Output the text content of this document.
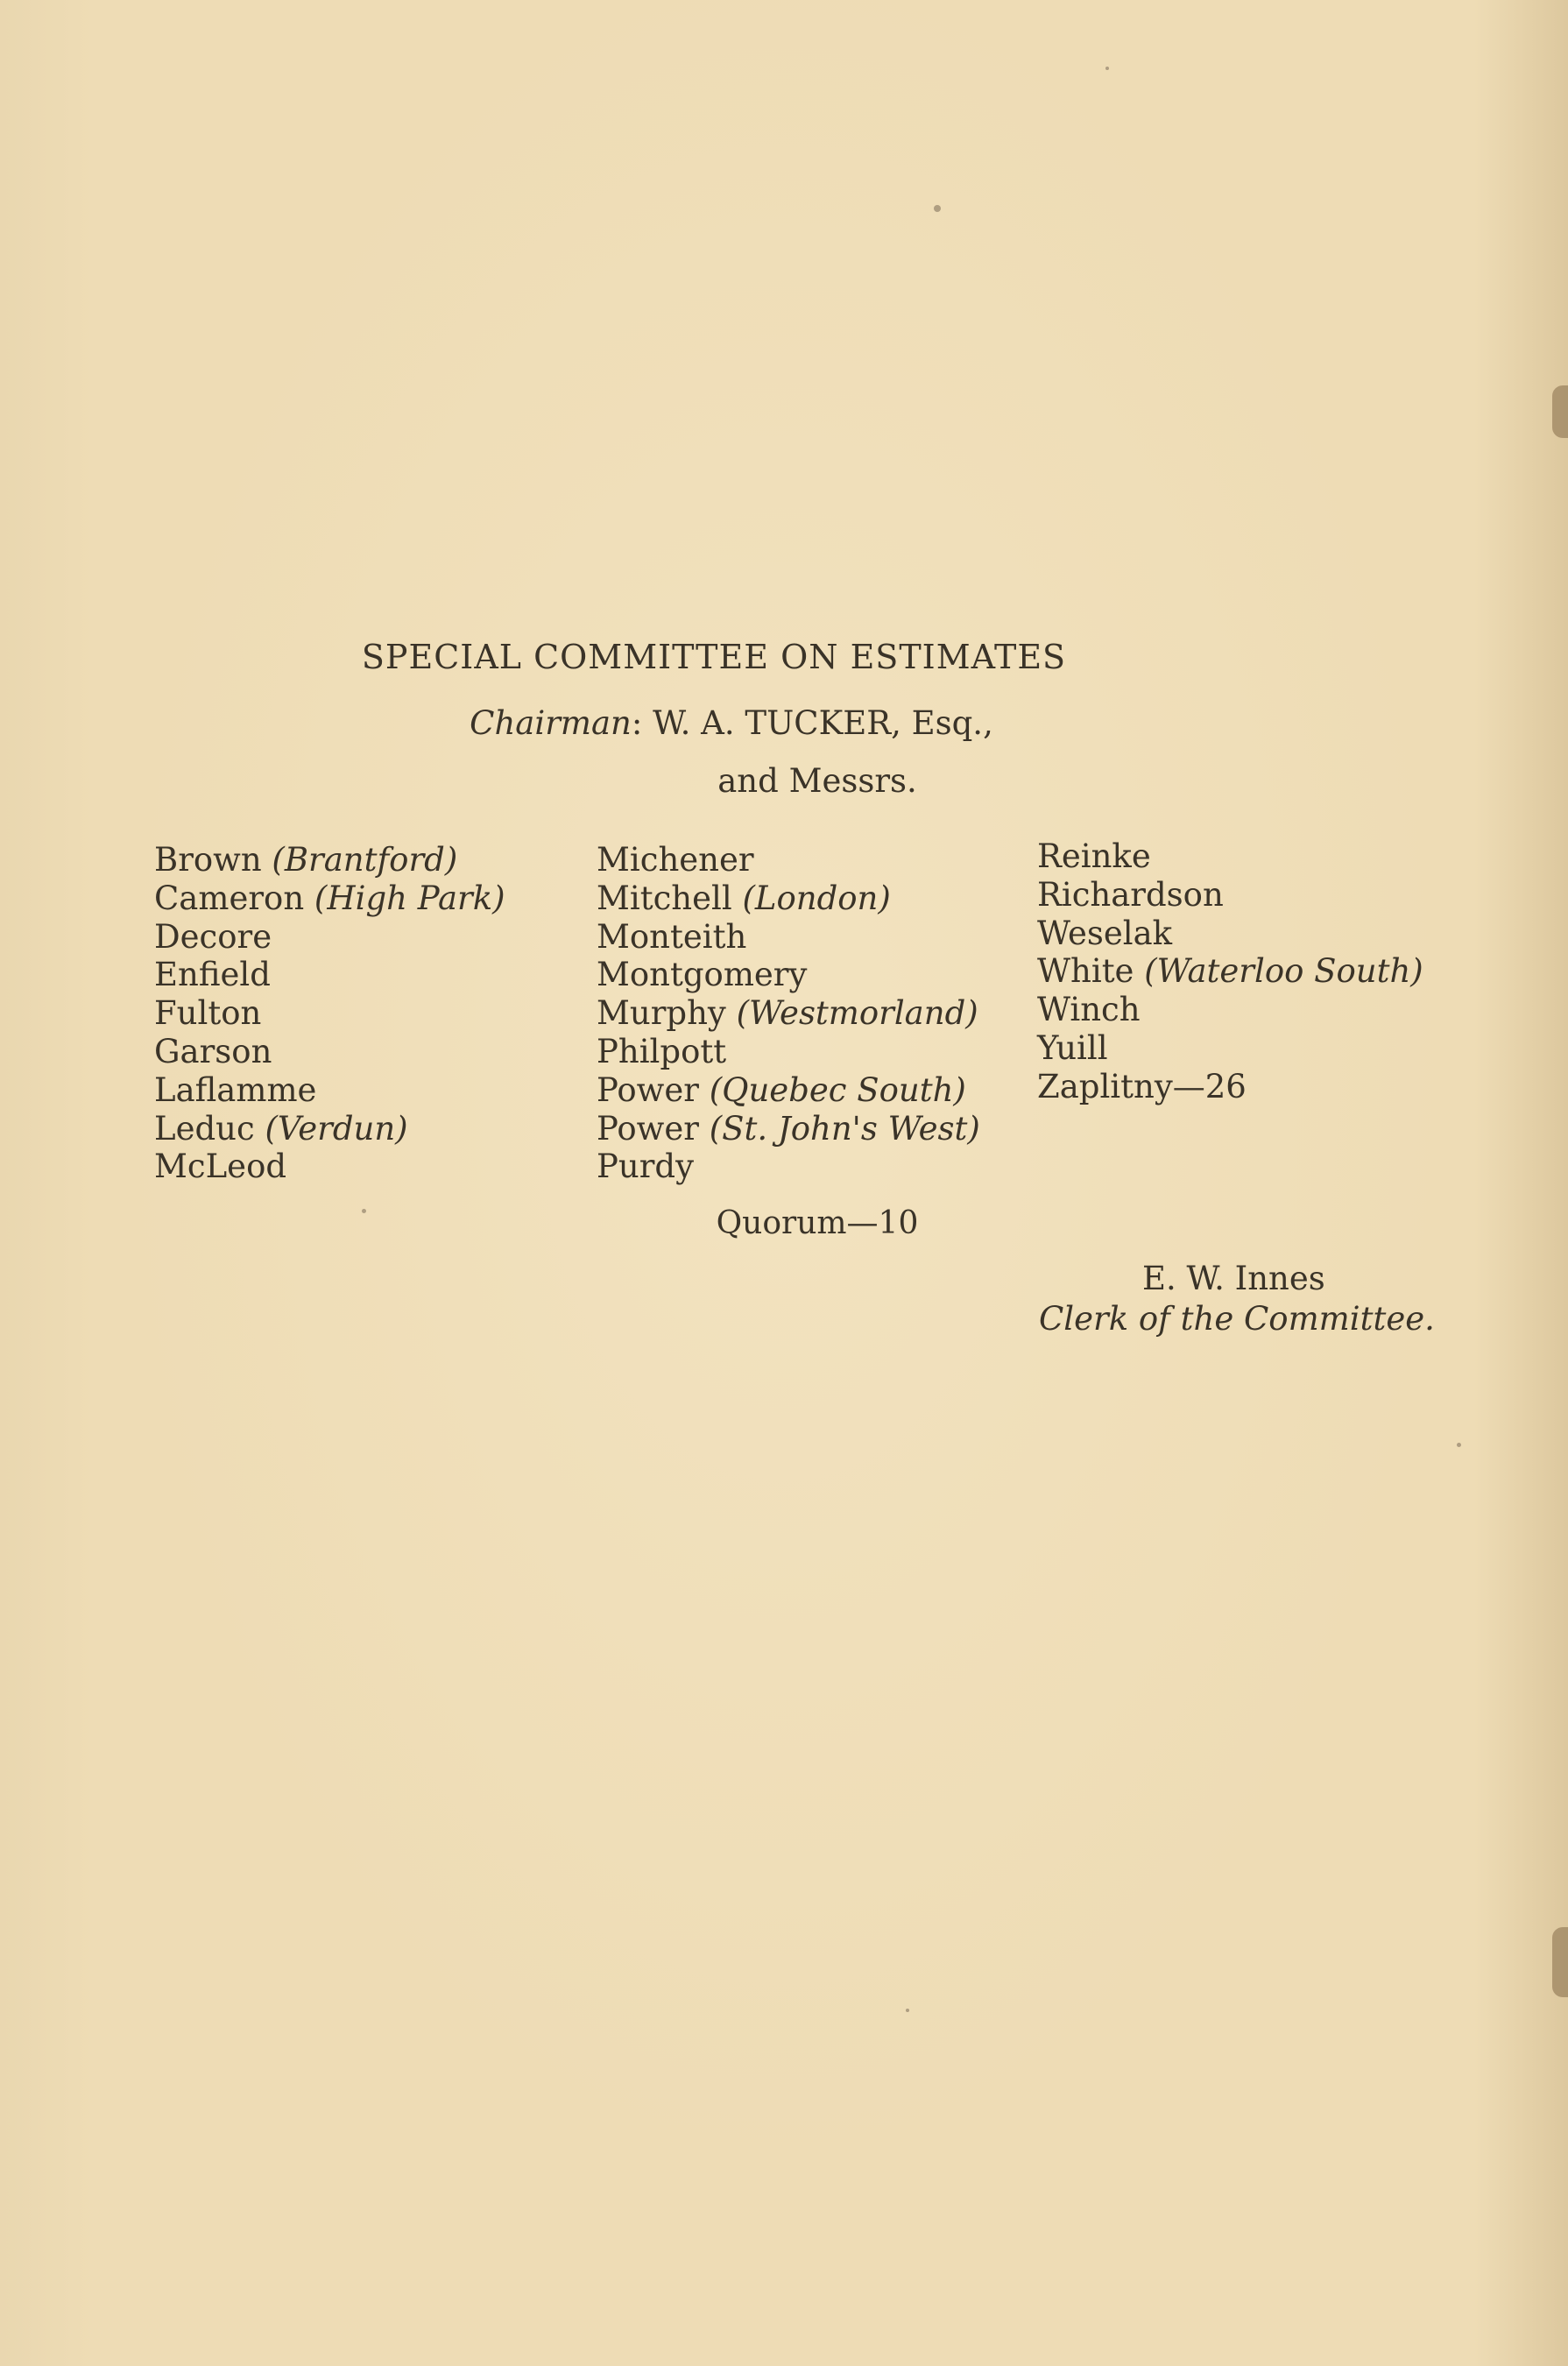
SPECIAL COMMITTEE ON ESTIMATES
Chairman: W. A. TUCKER, Esq.,
and Messrs.
Brown (Brantford)
Cameron (High Park)
Decore
Enfield
Fulton
Garson
Laflamme
Leduc (Verdun)
McLeod
Michener
Mitchell (London)
Monteith
Montgomery
Murphy (Westmorland)
Philpott
Power (Quebec South)
Power (St. John's West)
Purdy
Reinke
Richardson
Weselak
White (Waterloo South)
Winch
Yuill
Zaplitny—26
Quorum—10
E. W. Innes
Clerk of the Committee.
